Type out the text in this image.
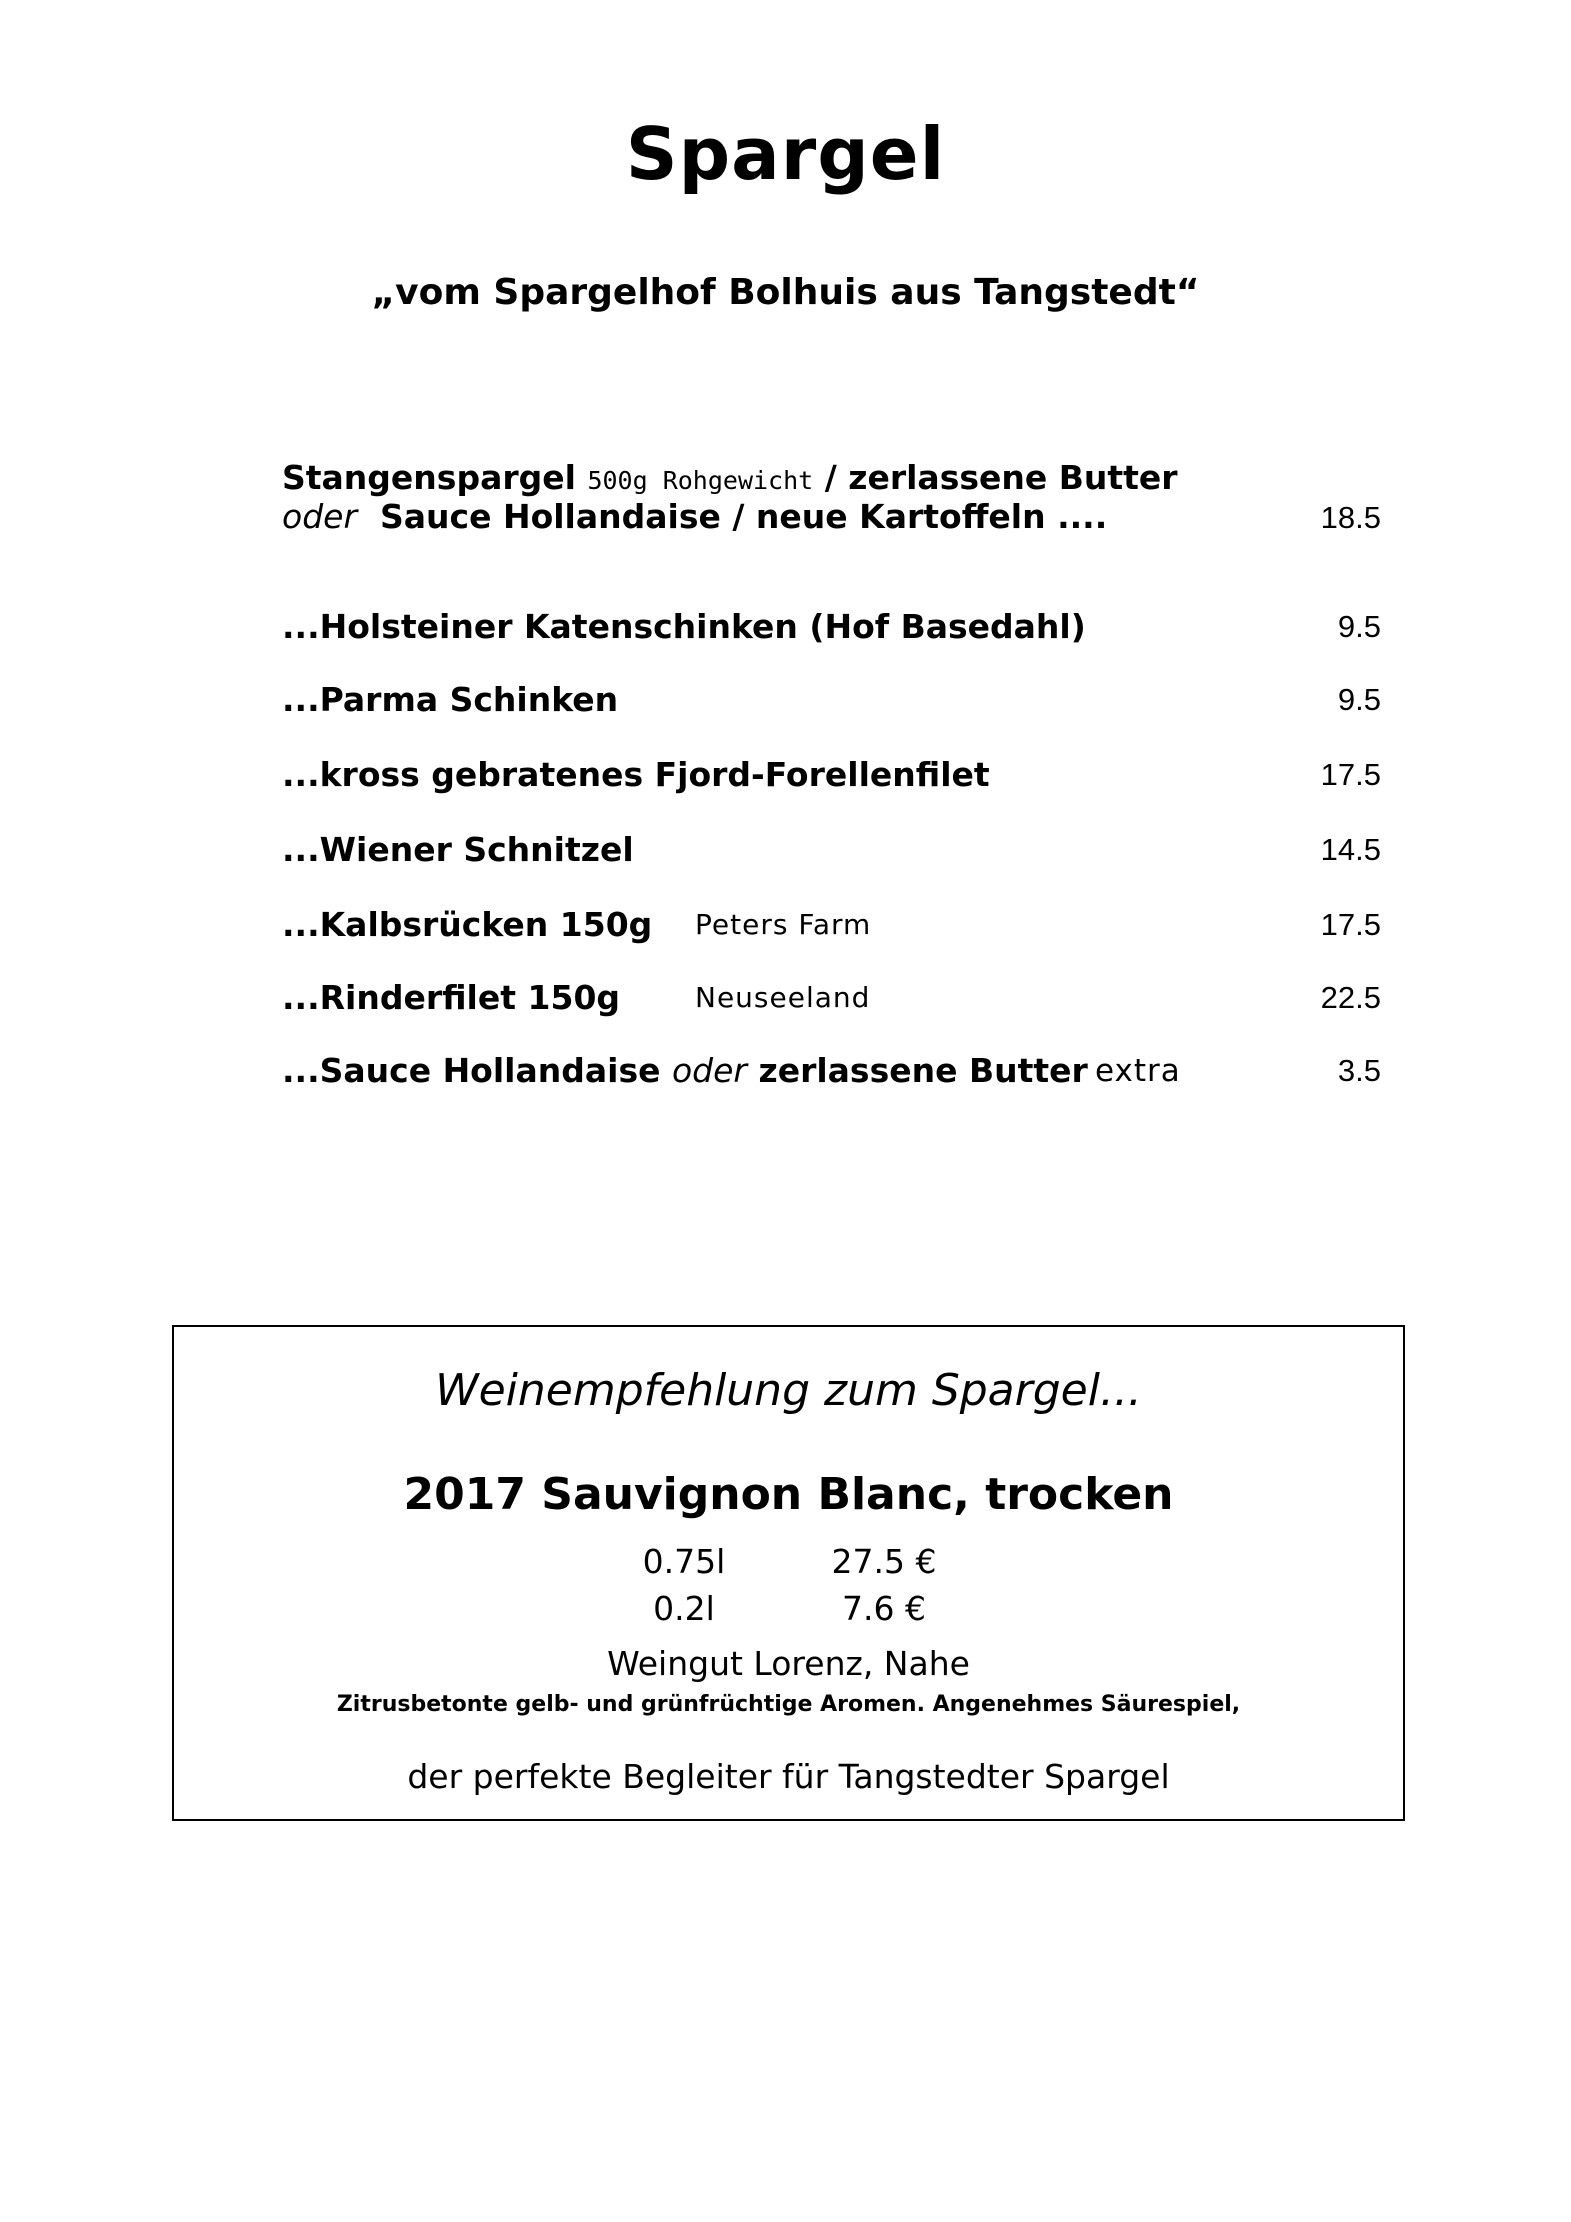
Spargel
„vom Spargelhof Bolhuis aus Tangstedt“
Stangenspargel 500g Rohgewicht / zerlassene Butter
oder Sauce Hollandaise / neue Kartoffeln ....	18.5
...Holsteiner Katenschinken (Hof Basedahl)	9.5
...Parma Schinken	9.5
...kross gebratenes Fjord-Forellenfilet	17.5
...Wiener Schnitzel	14.5
...Kalbsrücken 150g Peters Farm	17.5
...Rinderfilet 150g	Neuseeland	22.5
...Sauce Hollandaise oder zerlassene Butter extra	3.5
Weinempfehlung zum Spargel...
2017 Sauvignon Blanc, trocken
0.75l	27.5 €
0.2l	7.6 €
Weingut Lorenz, Nahe
Zitrusbetonte gelb- und grünfrüchtige Aromen. Angenehmes Säurespiel,
der perfekte Begleiter für Tangstedter Spargel
